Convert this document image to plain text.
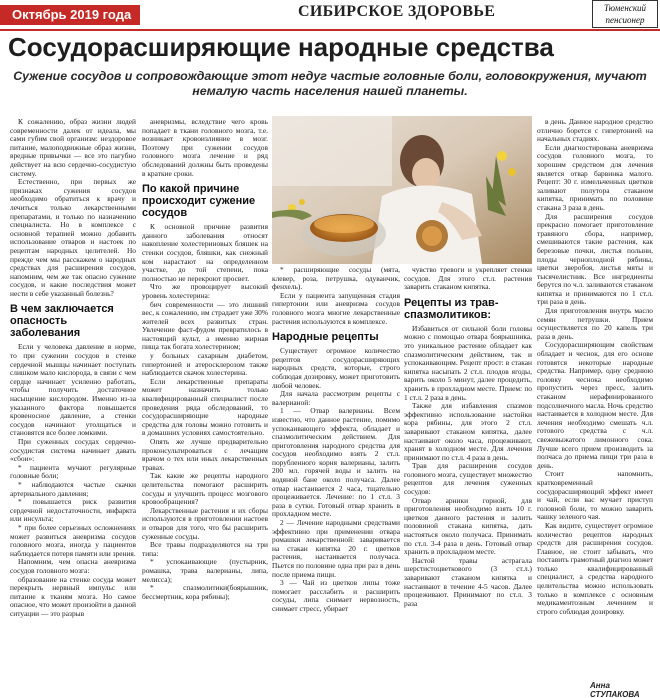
Октябрь 2019 года	СИБИРСКОЕ ЗДОРОВЬЕ	Тюменский
пенсионер
Сосудорасширяющие народные средства
Сужение сосудов и сопровождающие этот недуг частые головные боли, головокружения, мучают немалую часть населения нашей планеты.

К сожалению, образ жизни людей современности далек от идеала, мы сами губим свой организм: нездоровое питание, малоподвижные образ жизни, вредные привычки — все это пагубно действует на всю сердечно-сосудистую систему.

Естественно, при первых же признаках сужения сосудов необходимо обратиться к врачу и лечиться только лекарственными препаратами, и только по назначению специалиста. Но в комплексе с основной терапией можно добавить использование отваров и настоек по рецептам народных целителей. Но прежде чем мы расскажем о народных средствах для расширения сосудов, напомним, чем же так опасно сужение сосудов, и какие последствия может нести в себе указанный болезнь?

В чем заключается опасность заболевания

Если у человека давление в норме, то при сужении сосудов в стенке сердечной мышцы начинает поступать слишком мало кислорода, в связи с чем сердце начинает усиленно работать, чтобы получить достаточное насыщение кислородом. Именно из-за указанного фактора повышается кровеносное давление, а стенки сосудов начинают утолщаться и становятся все более ломкими.

При суженных сосудах сердечно-сосудистая система начинает давать «сбои»:

* пациента мучают регулярные головные боли;

* наблюдаются частые скачки артериального давления;

* повышается риск развития сердечной недостаточности, инфаркта или инсульта;

* при более серьезных осложнениях может развиться аневризма сосудов головного мозга, иногда у пациентов наблюдается потеря памяти или зрения.

Напомним, чем опасна аневризма сосудов головного мозга:

образование на стенке сосуда может перекрыть нервный импульс или питание к тканям мозга. Но самое опасное, что может произойти в данной ситуации — это разрыв

аневризмы, вследствие чего кровь попадает в ткани головного мозга, т.е. возникает кровоизлияние в мозг. Поэтому при сужении сосудов головного мозга лечение и ряд обследований должны быть проведены в краткие сроки.

По какой причине происходит сужение сосудов

К основной причине развития данного заболевания относят накопление холестериновых бляшек на стенки сосудов, бляшки, как снежный ком нарастают на определенном участке, до той степени, пока полностью не перекроют просвет.

Что же провоцирует высокий уровень холестерина:

бич современности — это лишний вес, к сожалению, им страдает уже 30% жителей всех развитых стран. Увлечение фаст-фудом превратилось в настоящий культ, а именно жирная пища так богата холестерином;

у больных сахарным диабетом, гипертонией и атеросклерозом также наблюдается скачок холестерина.

Если лекарственные препараты может назначить только квалифицированный специалист после проведения ряда обследований, то сосудорасширяющие народные средства для головы можно готовить и в домашних условиях самостоятельно.

Опять же лучше предварительно проконсультироваться с лечащим врачом о тех или иных лекарственных травах.

Так какие же рецепты народного целительства помогают расширить сосуды и улучшить процесс мозгового кровообращения?

Лекарственные растения и их сборы используются в приготовлении настоев и отваров для того, что бы расширить суженные сосуды.

Все травы подразделяются на три типа:

* успокаивающие (пустырник, ромашка, трава валерианы, липа, мелисса);

* спазмолитики(боярышник, бессмертник, кора рябины);

* расширяющие сосуды (мята, клевер, роза, петрушка, одуванчик, фенхель).

Если у пациента запущенная стадия гипертонии или аневризма сосудов головного мозга многие лекарственные растения используются в комплексе.

Народные рецепты

Существует огромное количество рецептов сосудорасширяющих народных средств, которые, строго соблюдая дозировку, может приготовить любой человек.

Для начала рассмотрим рецепты с валерианой:

1 — Отвар валерианы. Всем известно, что данное растение, помимо успокаивающего эффекта, обладает и спазмолитическим действием. Для приготовления народного средства для сосудов необходимо взять 2 ст.л. порубленного корня валерианы, залить 200 мл. горячей воды и залить на водяной бане около получаса. Далее отвар настаивается 2 часа, тщательно процеживается. Лечение: по 1 ст.л. 3 раза в сутки. Готовый отвар хранить в прохладном месте.

2 — Лечение народными средствами эффективно при применении отвара ромашки лекарственной: заваривается на стакан кипятка 20 г. цветков растения, настаивается получаса. Пьется по половине одна при раз в день после приема пищи.

3 — Чай из цветков липы тоже помогает расслабить и расширить сосуды, липа снимает нервозность, снимает стресс, убирает

чувство тревоги и укрепляет стенки сосудов. Для этого ст.л. растения заварить стаканом кипятка.

Рецепты из трав-спазмолитиков:

Избавиться от сильной боли головы можно с помощью отвара боярышника, это уникальное растение обладает как спазмолитическим действием, так и успокаивающим. Рецепт прост: в стакан кипятка насыпать 2 ст.л. плодов ягоды, варить около 5 минут, далее процедить, хранить в прохладном месте. Прием: по 1 ст.л. 2 раза в день.

Также для избавления спазмов эффективно использование настойки кора рябины, для этого 2 ст.л. заваривают стаканом кипятка, далее настаивают около часа, процеживают, хранят в холодном месте. Для лечения принимают по ст.л. 4 раза в день.

Трав для расширения сосудов головного мозга, существует множество рецептов для лечения суженных сосудов:

Отвар арники горной, для приготовления необходимо взять 10 г. цветков данного растения и залить половиной стакана кипятка, дать настояться около получаса. Принимать по ст.л. 3-4 раза в день. Готовый отвар хранить в прохладном месте.

Настой травы астрагала шерстистоцветкового (3 ст.л.) заваривают стаканом кипятка и настаивают в течение 4-5 часов. Далее процеживают. Принимают по ст.л. 3 раза

в день. Данное народное средство отлично борется с гипертонией на начальных стадиях.

Если диагностирована аневризма сосудов головного мозга, то хорошим средством для лечения является отвар барвинка малого. Рецепт: 30 г. измельченных цветков заливают полутора стаканом кипятка, принимать по половине стакана 3 раза в день.

Для расширения сосудов прекрасно помогает приготовление травяного сбора, например, смешиваются такие растения, как березовые почки, листья полыни, плоды черноплодной рябины, цветки зверобоя, листья мяты и тысячелистник. Все ингредиенты берутся по ч.л. заливаются стаканом кипятка и принимаются по 1 ст.л. три раза в день.

Для приготовления внутрь масло семян петрушки. Прием осуществляется по 20 капель три раза в день.

Сосудорасширяющим свойствам обладает и чеснок, для его основе готовятся некоторые народные средства. Например, одну среднюю головку чеснока необходимо пропустить через пресс, залить стаканом нерафинированного подсолнечного масла. Ночь средство настаивается в холодном месте. Для лечения необходимо смешать ч.л. готового средства с ч.л. свежевыжатого лимонного сока. Лучше всего прием производить за полчаса до приема пищи три раза в день.

Стоит напомнить, кратковременный сосудорасширяющий эффект имеет и чай, если вас мучает приступ головной боли, то можно заварить чашку зеленого чая.

Как видите, существует огромное количество рецептов народных средств для расширения сосудов. Главное, не стоит забывать, что поставить грамотный диагноз может только квалифицированный специалист, а средства народного целительства можно использовать только в комплексе с основным медикаментозным лечением и строго соблюдая дозировку.

Анна СТУПАКОВА
